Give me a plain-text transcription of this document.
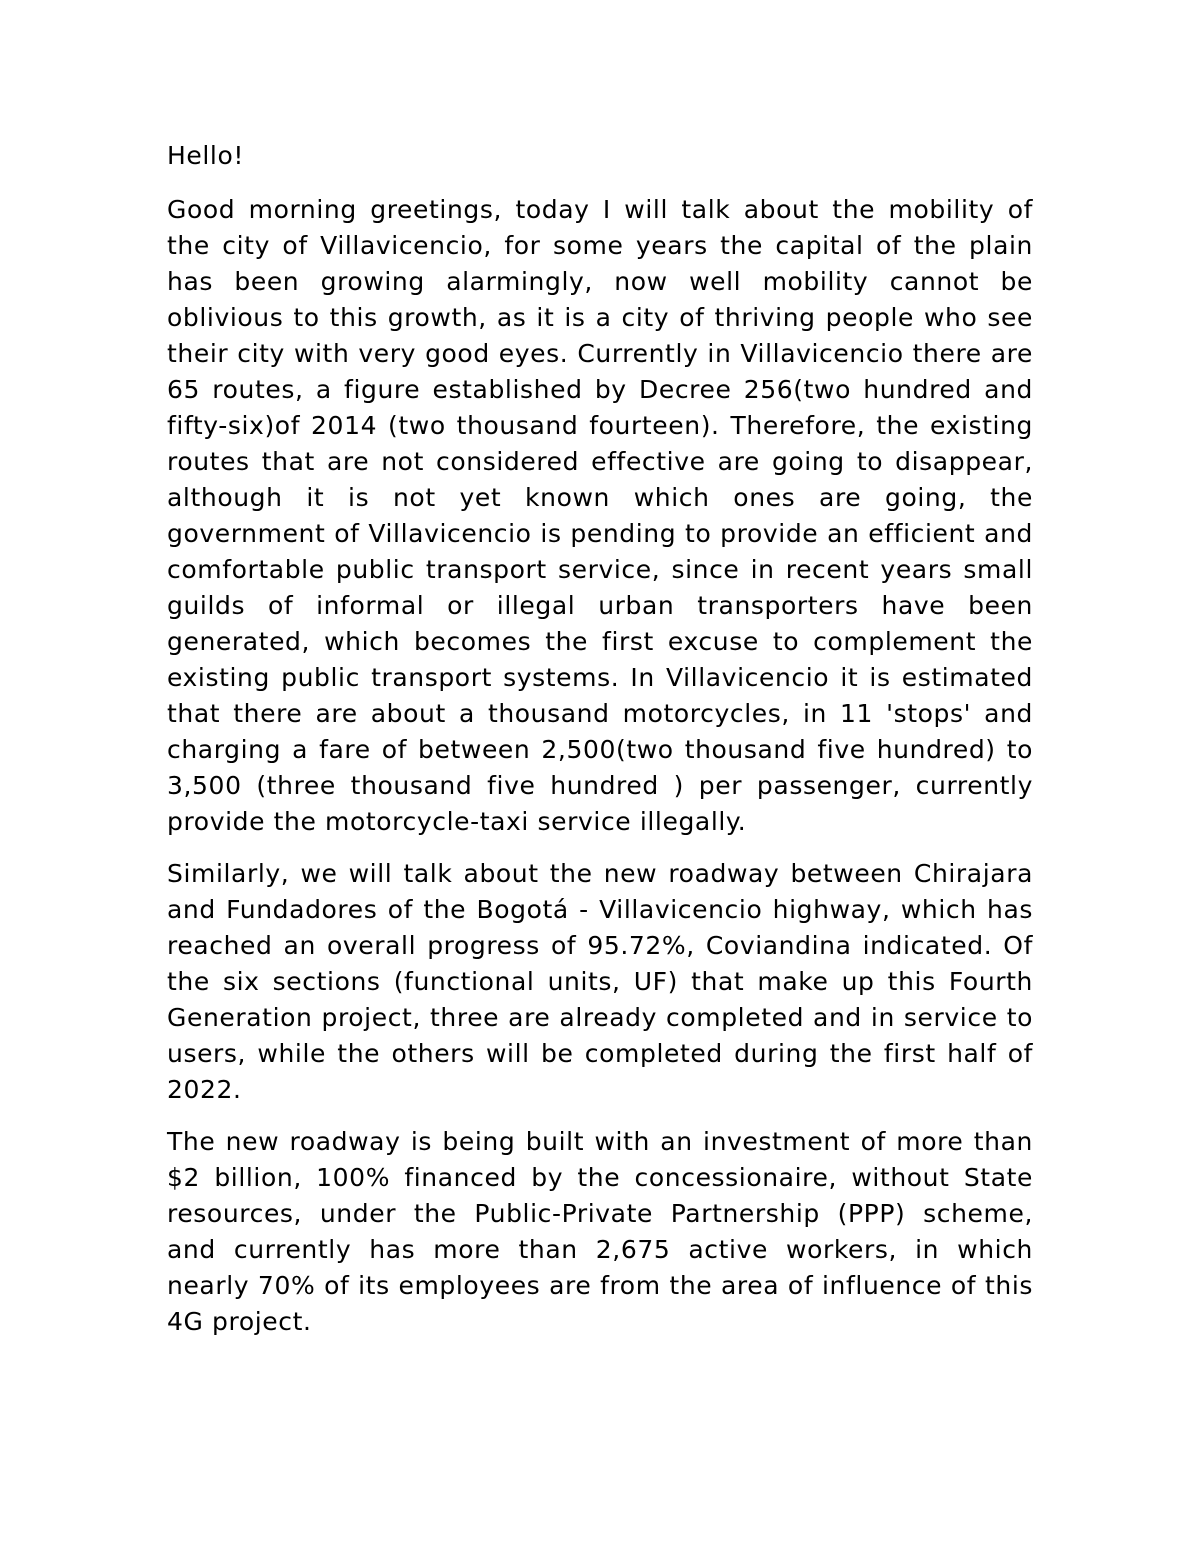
Hello!

Good morning greetings, today I will talk about the mobility of the city of Villavicencio, for some years the capital of the plain has been growing alarmingly, now well mobility cannot be oblivious to this growth, as it is a city of thriving people who see their city with very good eyes. Currently in Villavicencio there are 65 routes, a figure established by Decree 256(two hundred and fifty-six)of 2014 (two thousand fourteen). Therefore, the existing routes that are not considered effective are going to disappear, although it is not yet known which ones are going, the government of Villavicencio is pending to provide an efficient and comfortable public transport service, since in recent years small guilds of informal or illegal urban transporters have been generated, which becomes the first excuse to complement the existing public transport systems. In Villavicencio it is estimated that there are about a thousand motorcycles, in 11 'stops' and charging a fare of between 2,500(two thousand five hundred) to 3,500 (three thousand five hundred ) per passenger, currently provide the motorcycle-taxi service illegally.

Similarly, we will talk about the new roadway between Chirajara and Fundadores of the Bogotá - Villavicencio highway, which has reached an overall progress of 95.72%, Coviandina indicated. Of the six sections (functional units, UF) that make up this Fourth Generation project, three are already completed and in service to users, while the others will be completed during the first half of 2022.

The new roadway is being built with an investment of more than $2 billion, 100% financed by the concessionaire, without State resources, under the Public-Private Partnership (PPP) scheme, and currently has more than 2,675 active workers, in which nearly 70% of its employees are from the area of influence of this 4G project.
